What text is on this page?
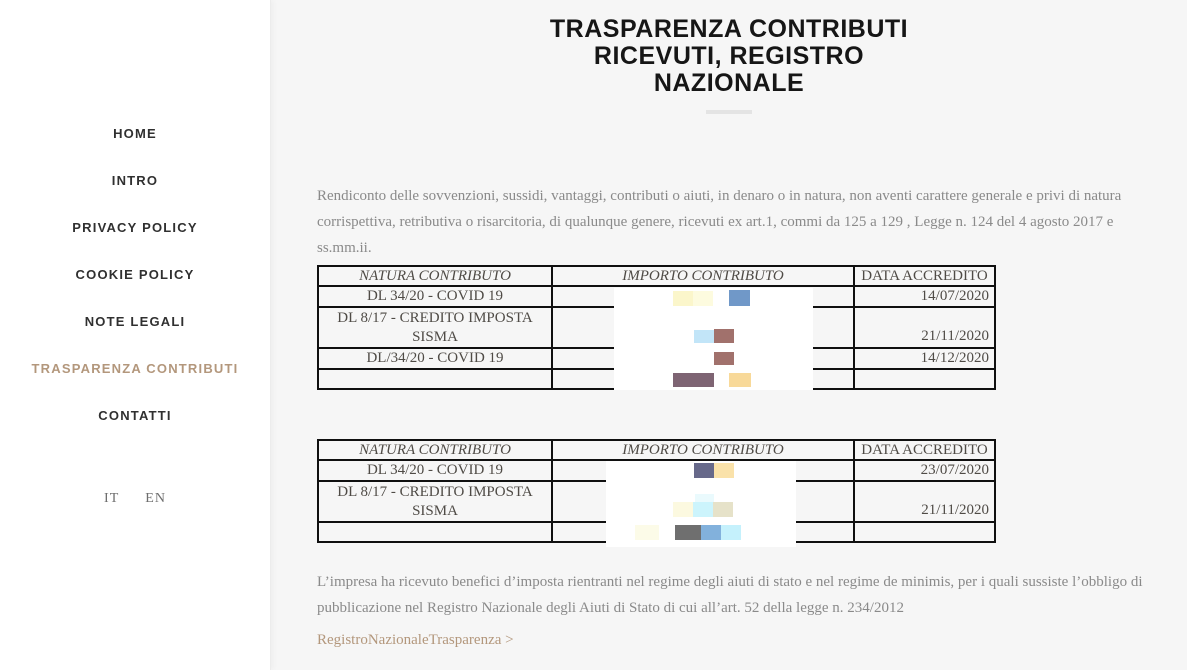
HOME
INTRO
PRIVACY POLICY
COOKIE POLICY
NOTE LEGALI
TRASPARENZA CONTRIBUTI
CONTATTI
IT EN
TRASPARENZA CONTRIBUTI
RICEVUTI, REGISTRO
NAZIONALE

Rendiconto delle sovvenzioni, sussidi, vantaggi, contributi o aiuti, in denaro o in natura, non aventi carattere generale e privi di natura corrispettiva, retributiva o risarcitoria, di qualunque genere, ricevuti ex art.1, commi da 125 a 129 , Legge n. 124 del 4 agosto 2017 e ss.mm.ii.

NATURA CONTRIBUTO	IMPORTO CONTRIBUTO	DATA ACCREDITO
DL 34/20 - COVID 19		14/07/2020
DL 8/17 - CREDITO IMPOSTA SISMA		21/11/2020
DL/34/20 - COVID 19		14/12/2020

NATURA CONTRIBUTO	IMPORTO CONTRIBUTO	DATA ACCREDITO
DL 34/20 - COVID 19		23/07/2020
DL 8/17 - CREDITO IMPOSTA SISMA		21/11/2020

L’impresa ha ricevuto benefici d’imposta rientranti nel regime degli aiuti di stato e nel regime de minimis, per i quali sussiste l’obbligo di pubblicazione nel Registro Nazionale degli Aiuti di Stato di cui all’art. 52 della legge n. 234/2012

RegistroNazionaleTrasparenza >
